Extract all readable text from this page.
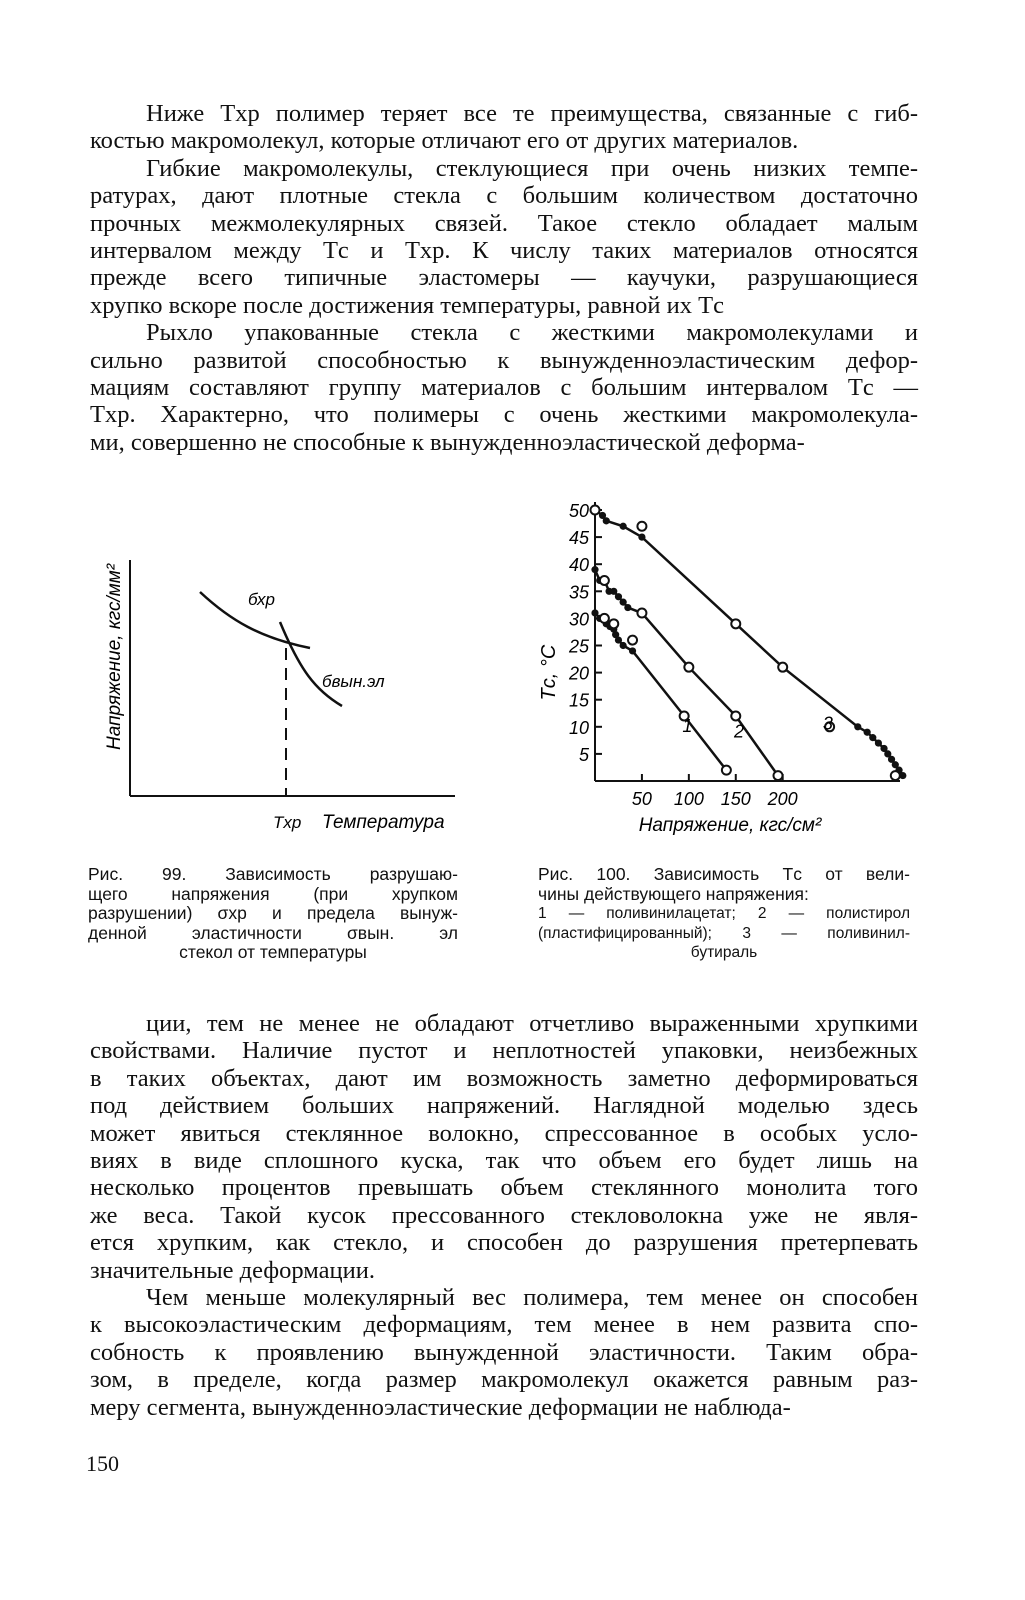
Ниже Tхр полимер теряет все те преимущества, связанные с гиб-
костью макромолекул, которые отличают его от других материалов.
Гибкие макромолекулы, стеклующиеся при очень низких темпе-
ратурах, дают плотные стекла с большим количеством достаточно
прочных межмолекулярных связей. Такое стекло обладает малым
интервалом между Tс и Tхр. К числу таких материалов относятся
прежде всего типичные эластомеры — каучуки, разрушающиеся
хрупко вскоре после достижения температуры, равной их Tс
Рыхло упакованные стекла с жесткими макромолекулами и
сильно развитой способностью к вынужденноэластическим дефор-
мациям составляют группу материалов с большим интервалом Tс —
Tхр. Характерно, что полимеры с очень жесткими макромолекула-
ми, совершенно не способные к вынужденноэластической деформа-
бхр
бвын.эл
Tхр Температура
Напряжение, кгс/мм²
Рис. 99. Зависимость разрушаю-
щего напряжения (при хрупком
разрушении) σхр и предела вынуж-
денной эластичности σвын. эл
стекол от температуры
5
10
15
20
25
30
35
40
45
50
50 100 150 200
Напряжение, кгс/см²
Tс, °С
1 2	3
Рис. 100. Зависимость Tс от вели-
чины действующего напряжения:
1 — поливинилацетат; 2 — полистирол
(пластифицированный); 3 — поливинил-
бутираль
ции, тем не менее не обладают отчетливо выраженными хрупкими
свойствами. Наличие пустот и неплотностей упаковки, неизбежных
в таких объектах, дают им возможность заметно деформироваться
под действием больших напряжений. Наглядной моделью здесь
может явиться стеклянное волокно, спрессованное в особых усло-
виях в виде сплошного куска, так что объем его будет лишь на
несколько процентов превышать объем стеклянного монолита того
же веса. Такой кусок прессованного стекловолокна уже не явля-
ется хрупким, как стекло, и способен до разрушения претерпевать
значительные деформации.
Чем меньше молекулярный вес полимера, тем менее он способен
к высокоэластическим деформациям, тем менее в нем развита спо-
собность к проявлению вынужденной эластичности. Таким обра-
зом, в пределе, когда размер макромолекул окажется равным раз-
меру сегмента, вынужденноэластические деформации не наблюда-
150
